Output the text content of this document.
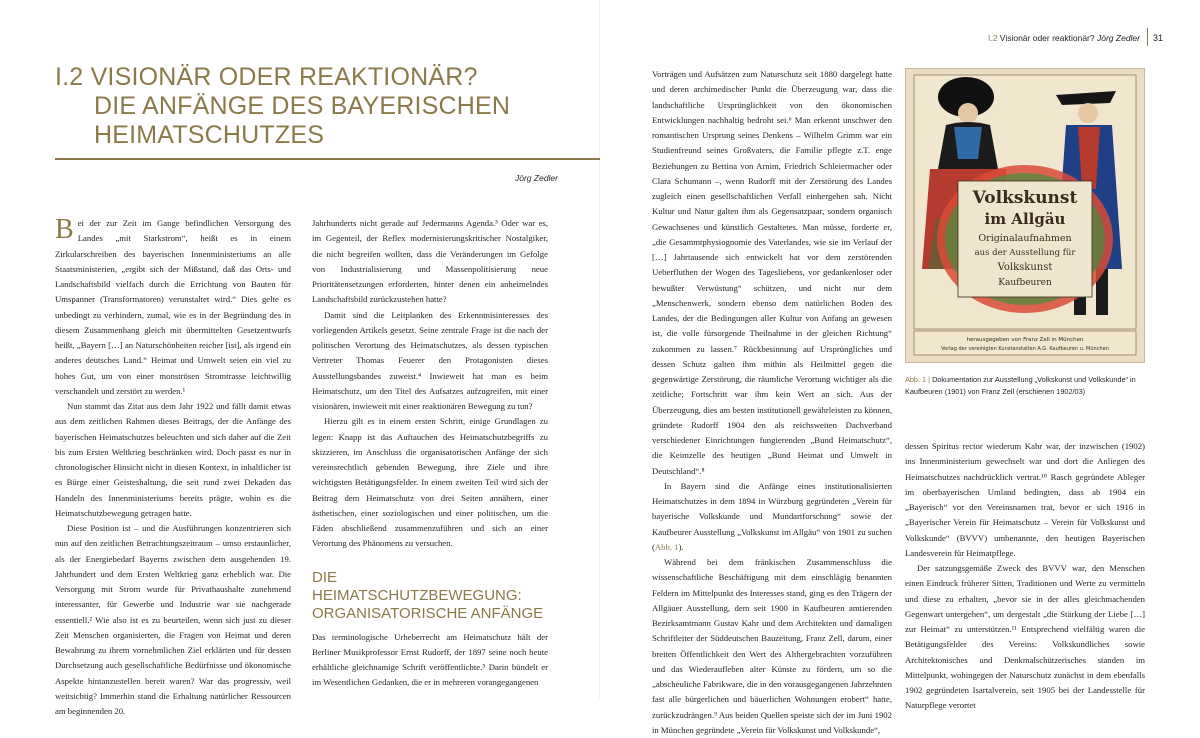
I.2 Visionär oder reaktionär? Jörg Zedler 31
I.2 VISIONÄR ODER REAKTIONÄR?
DIE ANFÄNGE DES BAYERISCHEN
HEIMATSCHUTZES
Jörg Zedler

Bei der zur Zeit im Gange befindlichen Versorgung des Landes „mit Starkstrom“, heißt es in einem Zirkularschreiben des bayerischen Innenministeriums an alle Staatsministerien, „ergibt sich der Mißstand, daß das Orts- und Landschaftsbild vielfach durch die Errichtung von Bauten für Umspanner (Transformatoren) verunstaltet wird.“ Dies gelte es unbedingt zu verhindern, zumal, wie es in der Begründung des in diesem Zusammenhang gleich mit übermittelten Gesetzentwurfs heißt, „Bayern […] an Naturschönheiten reicher [ist], als irgend ein anderes deutsches Land.“ Heimat und Umwelt seien ein viel zu hohes Gut, um von einer monströsen Stromtrasse leichtwillig verschandelt und zerstört zu werden.¹

Nun stammt das Zitat aus dem Jahr 1922 und fällt damit etwas aus dem zeitlichen Rahmen dieses Beitrags, der die Anfänge des bayerischen Heimatschutzes beleuchten und sich daher auf die Zeit bis zum Ersten Weltkrieg beschränken wird. Doch passt es nur in chronologischer Hinsicht nicht in diesen Kontext, in inhaltlicher ist es Bürge einer Geisteshaltung, die seit rund zwei Dekaden das Handeln des Innenministeriums bereits prägte, wohin es die Heimatschutzbewegung getragen hatte.

Diese Position ist – und die Ausführungen konzentrieren sich nun auf den zeitlichen Betrachtungszeitraum – umso erstaunlicher, als der Energiebedarf Bayerns zwischen dem ausgehenden 19. Jahrhundert und dem Ersten Weltkrieg ganz erheblich war. Die Versorgung mit Strom wurde für Privathaushalte zunehmend interessanter, für Gewerbe und Industrie war sie nachgerade essentiell.² Wie also ist es zu beurteilen, wenn sich just zu dieser Zeit Menschen organisierten, die Fragen von Heimat und deren Bewahrung zu ihrem vornehmlichen Ziel erklärten und für dessen Durchsetzung auch gesellschaftliche Bedürfnisse und ökonomische Aspekte hintanzustellen bereit waren? War das progressiv, weil weitsichtig? Immerhin stand die Erhaltung natürlicher Ressourcen am beginnenden 20.

Jahrhunderts nicht gerade auf Jedermanns Agenda.³ Oder war es, im Gegenteil, der Reflex modernisierungskritischer Nostalgiker, die nicht begreifen wollten, dass die Veränderungen im Gefolge von Industrialisierung und Massenpolitisierung neue Prioritätensetzungen erforderten, hinter denen ein anheimelndes Landschaftsbild zurückzustehen hatte?

Damit sind die Leitplanken des Erkenntnisinteresses des vorliegenden Artikels gesetzt. Seine zentrale Frage ist die nach der politischen Verortung des Heimatschutzes, als dessen typischen Vertreter Thomas Feuerer den Protagonisten dieses Ausstellungsbandes zuweist.⁴ Inwieweit hat man es beim Heimatschutz, um den Titel des Aufsatzes aufzugreifen, mit einer visionären, inwieweit mit einer reaktionären Bewegung zu tun?

Hierzu gilt es in einem ersten Schritt, einige Grundlagen zu legen: Knapp ist das Auftauchen des Heimatschutzbegriffs zu skizzieren, im Anschluss die organisatorischen Anfänge der sich vereinsrechtlich gebenden Bewegung, ihre Ziele und ihre wichtigsten Betätigungsfelder. In einem zweiten Teil wird sich der Beitrag dem Heimatschutz von drei Seiten annähern, einer ästhetischen, einer soziologischen und einer politischen, um die Fäden abschließend zusammenzuführen und sich an einer Verortung des Phänomens zu versuchen.

DIE HEIMATSCHUTZBEWEGUNG:
ORGANISATORISCHE ANFÄNGE

Das terminologische Urheberrecht am Heimatschutz hält der Berliner Musikprofessor Ernst Rudorff, der 1897 seine noch heute erhältliche gleichnamige Schrift veröffentlichte.⁵ Darin bündelt er im Wesentlichen Gedanken, die er in mehreren vorangegangenen

Vorträgen und Aufsätzen zum Naturschutz seit 1880 dargelegt hatte und deren archimedischer Punkt die Überzeugung war, dass die landschaftliche Ursprünglichkeit von den ökonomischen Entwicklungen nachhaltig bedroht sei.⁶ Man erkennt unschwer den romantischen Ursprung seines Denkens – Wilhelm Grimm war ein Studienfreund seines Großvaters, die Familie pflegte z.T. enge Beziehungen zu Bettina von Arnim, Friedrich Schleiermacher oder Clara Schumann –, wenn Rudorff mit der Zerstörung des Landes zugleich einen gesellschaftlichen Verfall einhergehen sah. Nicht Kultur und Natur galten ihm als Gegensatzpaar, sondern organisch Gewachsenes und künstlich Gestaltetes. Man müsse, forderte er, „die Gesammtphysiognomie des Vaterlandes, wie sie im Verlauf der […] Jahrtausende sich entwickelt hat vor dem zerstörenden Ueberfluthen der Wogen des Tagesliebens, vor gedankenloser oder bewußter Verwüstung“ schützen, und nicht nur dem „Menschenwerk, sondern ebenso dem natürlichen Boden des Landes, der die Bedingungen aller Kultur von Anfang an gewesen ist, die volle fürsorgende Theilnahme in der gleichen Richtung“ zukommen zu lassen.⁷ Rückbesinnung auf Ursprüngliches und dessen Schutz galten ihm mithin als Heilmittel gegen die gegenwärtige Zerstörung, die räumliche Verortung wichtiger als die zeitliche; Fortschritt war ihm kein Wert an sich. Aus der Überzeugung, dies am besten institutionell gewährleisten zu können, gründete Rudorff 1904 den als reichsweiten Dachverband verschiedener Einrichtungen fungierenden „Bund Heimatschutz“, die Keimzelle des heutigen „Bund Heimat und Umwelt in Deutschland“.⁸

In Bayern sind die Anfänge eines institutionalisierten Heimatschutzes in dem 1894 in Würzburg gegründeten „Verein für bayerische Volkskunde und Mundartforschung“ sowie der Kaufbeurer Ausstellung „Volkskunst im Allgäu“ von 1901 zu suchen (Abb. 1).

Während bei dem fränkischen Zusammenschluss die wissenschaftliche Beschäftigung mit dem einschlägig benannten Feldern im Mittelpunkt des Interesses stand, ging es den Trägern der Allgäuer Ausstellung, dem seit 1900 in Kaufbeuren amtierenden Bezirksamtmann Gustav Kahr und dem Architekten und damaligen Schriftleiter der Süddeutschen Bauzeitung, Franz Zell, darum, einer breiten Öffentlichkeit den Wert des Althergebrachten vorzuführen und das Wiederaufleben alter Künste zu fördern, um so die „abscheuliche Fabrikware, die in den vorausgegangenen Jahrzehnten fast alle bürgerlichen und bäuerlichen Wohnungen erobert“ hatte, zurückzudrängen.⁹ Aus beiden Quellen speiste sich der im Juni 1902 in München gegründete „Verein für Volkskunst und Volkskunde“,

Volkskunst
im Allgäu
Originalaufnahmen
aus der Ausstellung für
Volkskunst
Kaufbeuren
herausgegeben von Franz Zell in München
Verlag der vereinigten Kunstanstalten A.G. Kaufbeuren u. München
Abb. 1 | Dokumentation zur Ausstellung „Volkskunst und Volkskunde“ in Kaufbeuren (1901) von Franz Zell (erschienen 1902/03)

dessen Spiritus rector wiederum Kahr war, der inzwischen (1902) ins Innenministerium gewechselt war und dort die Anliegen des Heimatschutzes nachdrücklich vertrat.¹⁰ Rasch gegründete Ableger im oberbayerischen Umland bedingten, dass ab 1904 ein „Bayerisch“ vor den Vereinsnamen trat, bevor er sich 1916 in „Bayerischer Verein für Heimatschutz – Verein für Volkskunst und Volkskunde“ (BVVV) umbenannte, den heutigen Bayerischen Landesverein für Heimatpflege.

Der satzungsgemäße Zweck des BVVV war, den Menschen einen Eindruck früherer Sitten, Traditionen und Werte zu vermitteln und diese zu erhalten, „bevor sie in der alles gleichmachenden Gegenwart untergehen“, um dergestalt „die Stärkung der Liebe […] zur Heimat“ zu unterstützen.¹¹ Entsprechend vielfältig waren die Betätigungsfelder des Vereins: Volkskundliches sowie Architektonisches und Denkmalschützerisches standen im Mittelpunkt, wohingegen der Naturschutz zunächst in dem ebenfalls 1902 gegründeten Isartalverein, seit 1905 bei der Landesstelle für Naturpflege verortet
